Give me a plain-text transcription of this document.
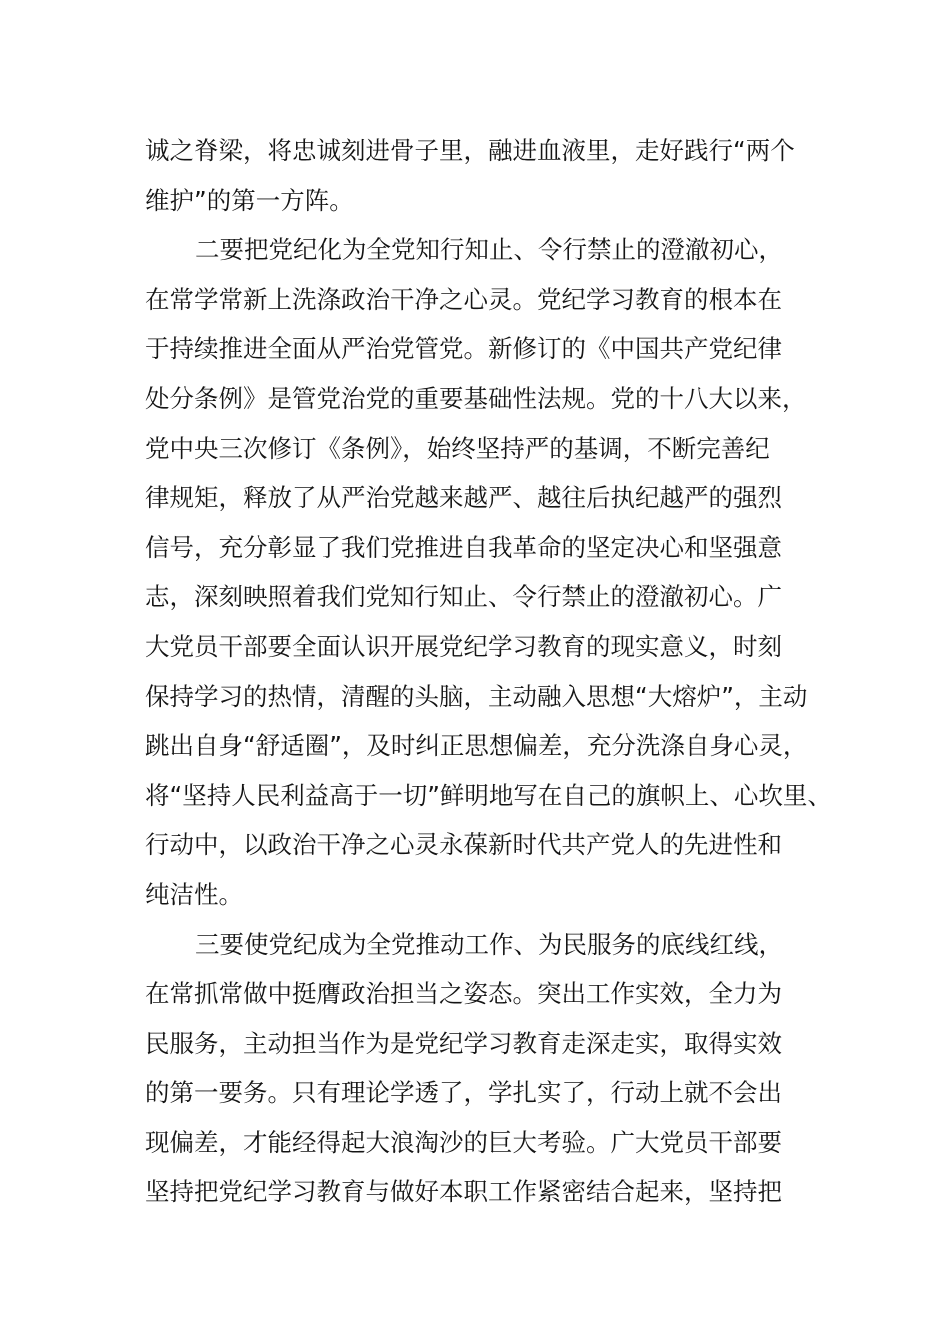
诚之脊梁，将忠诚刻进骨子里，融进血液里，走好践行“两个
维护”的第一方阵。
二要把党纪化为全党知行知止、令行禁止的澄澈初心，
在常学常新上洗涤政治干净之心灵。党纪学习教育的根本在
于持续推进全面从严治党管党。新修订的《中国共产党纪律
处分条例》是管党治党的重要基础性法规。党的十八大以来，
党中央三次修订《条例》，始终坚持严的基调，不断完善纪
律规矩，释放了从严治党越来越严、越往后执纪越严的强烈
信号，充分彰显了我们党推进自我革命的坚定决心和坚强意
志，深刻映照着我们党知行知止、令行禁止的澄澈初心。广
大党员干部要全面认识开展党纪学习教育的现实意义，时刻
保持学习的热情，清醒的头脑，主动融入思想“大熔炉”，主动
跳出自身“舒适圈”，及时纠正思想偏差，充分洗涤自身心灵，
将“坚持人民利益高于一切”鲜明地写在自己的旗帜上、心坎里、
行动中，以政治干净之心灵永葆新时代共产党人的先进性和
纯洁性。
三要使党纪成为全党推动工作、为民服务的底线红线，
在常抓常做中挺膺政治担当之姿态。突出工作实效，全力为
民服务，主动担当作为是党纪学习教育走深走实，取得实效
的第一要务。只有理论学透了，学扎实了，行动上就不会出
现偏差，才能经得起大浪淘沙的巨大考验。广大党员干部要
坚持把党纪学习教育与做好本职工作紧密结合起来，坚持把
